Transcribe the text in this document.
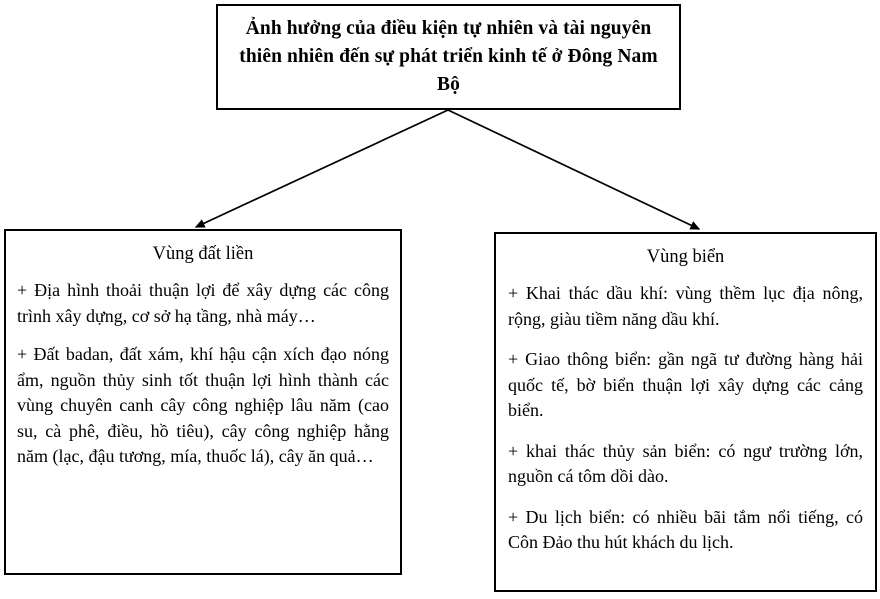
Ảnh hưởng của điều kiện tự nhiên và tài nguyên thiên nhiên đến sự phát triển kinh tế ở Đông Nam Bộ
Vùng đất liền

+ Địa hình thoải thuận lợi để xây dựng các công trình xây dựng, cơ sở hạ tầng, nhà máy…

+ Đất badan, đất xám, khí hậu cận xích đạo nóng ẩm, nguồn thủy sinh tốt thuận lợi hình thành các vùng chuyên canh cây công nghiệp lâu năm (cao su, cà phê, điều, hồ tiêu), cây công nghiệp hằng năm (lạc, đậu tương, mía, thuốc lá), cây ăn quả…

Vùng biển

+ Khai thác dầu khí: vùng thềm lục địa nông, rộng, giàu tiềm năng dầu khí.

+ Giao thông biển: gần ngã tư đường hàng hải quốc tế, bờ biển thuận lợi xây dựng các cảng biển.

+ khai thác thủy sản biển: có ngư trường lớn, nguồn cá tôm dồi dào.

+ Du lịch biển: có nhiều bãi tắm nổi tiếng, có Côn Đảo thu hút khách du lịch.
